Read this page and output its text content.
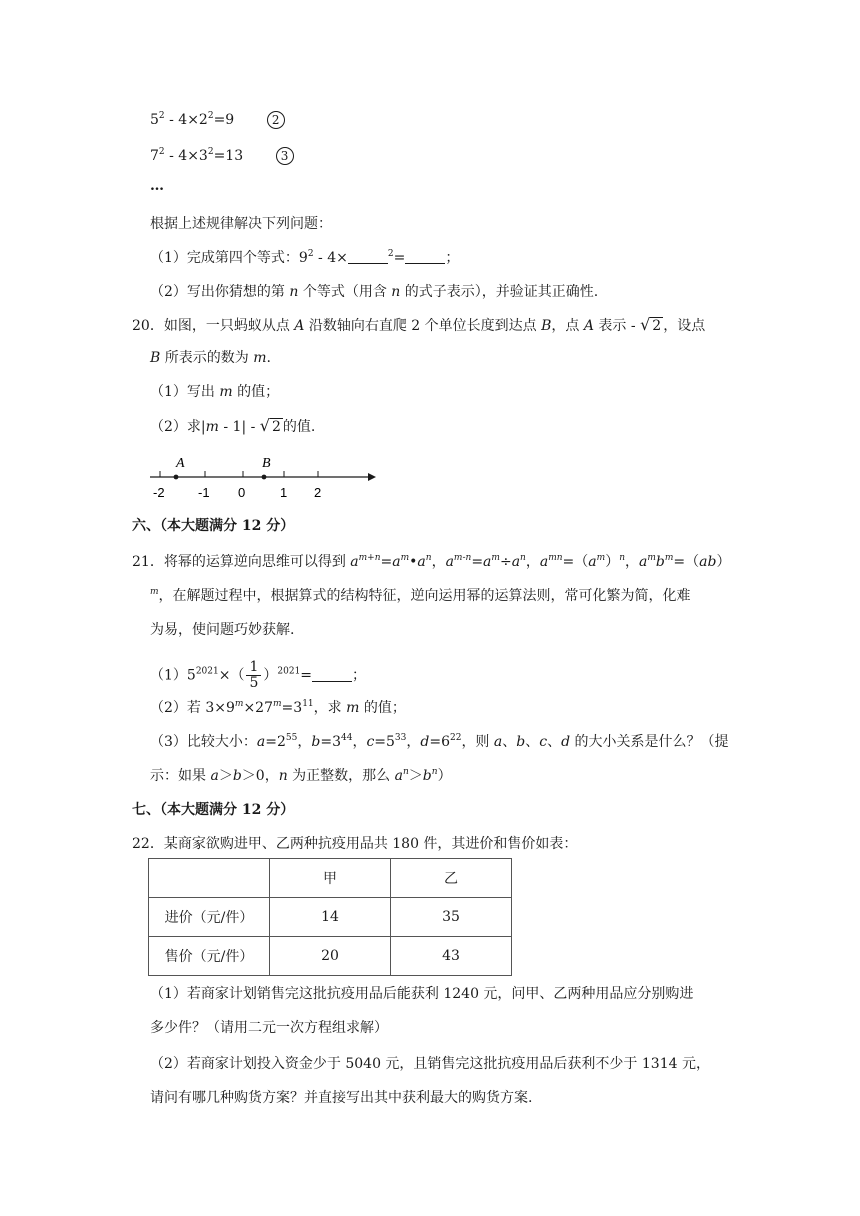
$5^2 - 4\times 2^2=9$	2
$7^2 - 4\times 3^2=13$	3
…
根据上述规律解决下列问题：
（1）完成第四个等式：$9^2 - 4\times$	$^2$=	；
（2）写出你猜想的第 n 个等式（用含 n 的式子表示），并验证其正确性.
20．如图，一只蚂蚁从点 A 沿数轴向右直爬 2 个单位长度到达点 B，点 A 表示 - √ 2 ，设点
B 所表示的数为 m.
（1）写出 m 的值；
（2）求|m - 1| - √ 2 的值.
A	B
-2	-1 0	1 2
六、（本大题满分 12 分）
21．将幂的运算逆向思维可以得到 $a^{m+n}=a^m•a^n$，$a^{m-n}=a^m\div a^n$，$a^{mn}=(a^m)^n$，$a^mb^m=(ab)$
$^m$，在解题过程中，根据算式的结构特征，逆向运用幂的运算法则，常可化繁为简，化难
为易，使问题巧妙获解.
$(1)5^{2021}\times( \frac{1}{5} )^{2021}=$	；
（2）若 $3\times 9^m\times 27^m=3^{11}$，求 m 的值；
（3）比较大小：$a=2^{55}$，$b=3^{44}$，$c=5^{33}$，$d=6^{22}$，则 a、b、c、d 的大小关系是什么？（提
示：如果 a＞b＞0，n 为正整数，那么 $a^n>b^n$）
七、（本大题满分 12 分）
22．某商家欲购进甲、乙两种抗疫用品共 180 件，其进价和售价如表：
	甲	乙
进价（元/件）	14	35
售价（元/件）	20	43
（1）若商家计划销售完这批抗疫用品后能获利 1240 元，问甲、乙两种用品应分别购进
多少件？（请用二元一次方程组求解）
（2）若商家计划投入资金少于 5040 元，且销售完这批抗疫用品后获利不少于 1314 元，
请问有哪几种购货方案？并直接写出其中获利最大的购货方案.
